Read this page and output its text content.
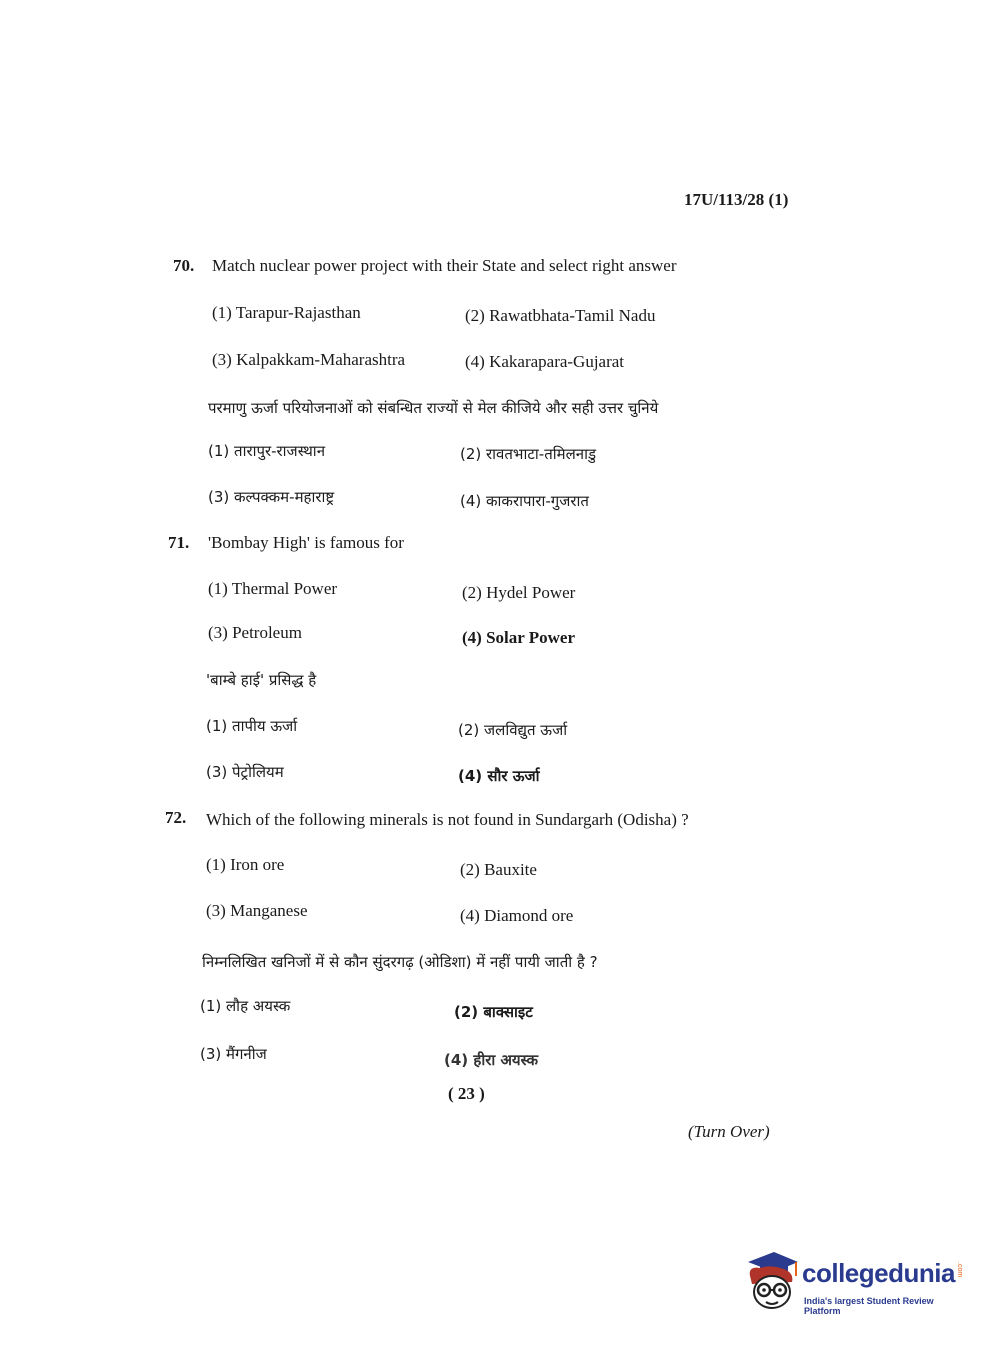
17U/113/28 (1)
70. Match nuclear power project with their State and select right answer
(1) Tarapur-Rajasthan	(2) Rawatbhata-Tamil Nadu
(3) Kalpakkam-Maharashtra	(4) Kakarapara-Gujarat
परमाणु ऊर्जा परियोजनाओं को संबन्धित राज्यों से मेल कीजिये और सही उत्तर चुनिये
(1) तारापुर-राजस्थान	(2) रावतभाटा-तमिलनाडु
(3) कल्पक्कम-महाराष्ट्र	(4) काकरापारा-गुजरात
71. 'Bombay High' is famous for
(1) Thermal Power	(2) Hydel Power
(3) Petroleum	(4) Solar Power
'बाम्बे हाई' प्रसिद्ध है
(1) तापीय ऊर्जा	(2) जलविद्युत ऊर्जा
(3) पेट्रोलियम	(4) सौर ऊर्जा
72. Which of the following minerals is not found in Sundargarh (Odisha) ?
(1) Iron ore	(2) Bauxite
(3) Manganese	(4) Diamond ore
निम्नलिखित खनिजों में से कौन सुंदरगढ़ (ओडिशा) में नहीं पायी जाती है ?
(1) लौह अयस्क	(2) बाक्साइट
(3) मैंगनीज	(4) हीरा अयस्क
( 23 )
(Turn Over)
collegedunia .com
India's largest Student Review Platform
